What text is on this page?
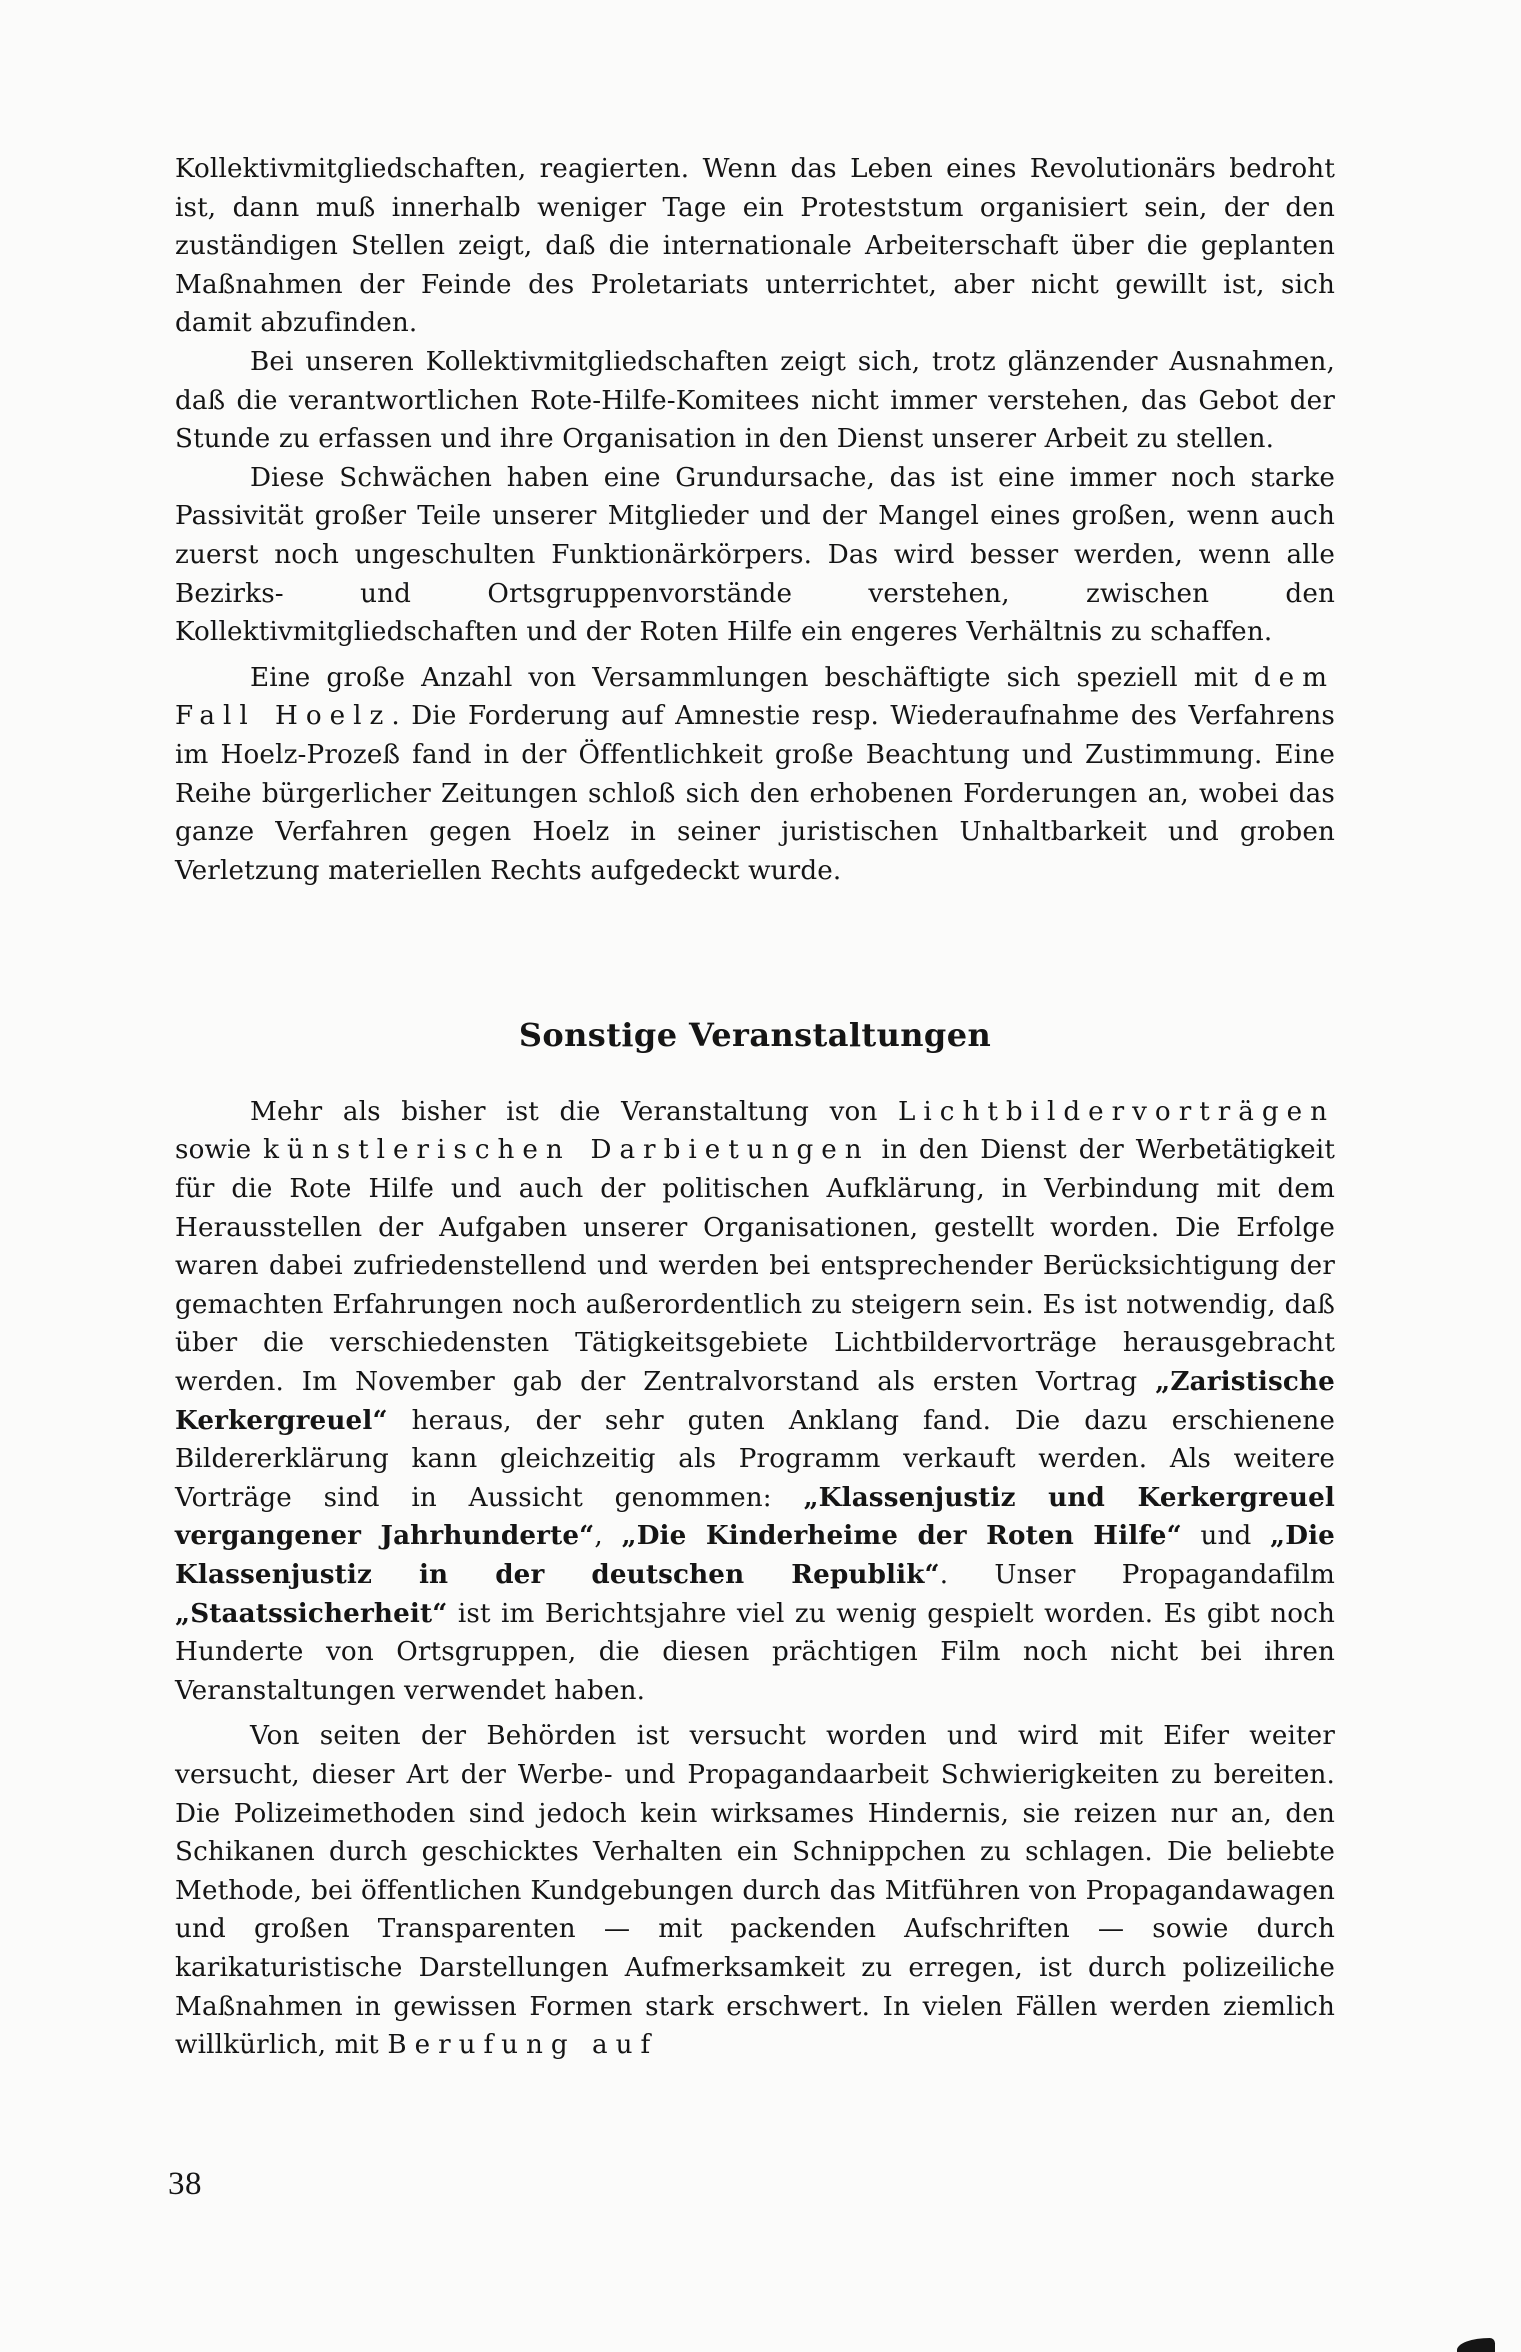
Kollektivmitgliedschaften, reagierten. Wenn das Leben eines Revolutionärs bedroht ist, dann muß innerhalb weniger Tage ein Proteststum organisiert sein, der den zuständigen Stellen zeigt, daß die internationale Arbeiterschaft über die geplanten Maßnahmen der Feinde des Proletariats unterrichtet, aber nicht gewillt ist, sich damit abzufinden.

Bei unseren Kollektivmitgliedschaften zeigt sich, trotz glänzender Ausnahmen, daß die verantwortlichen Rote-Hilfe-Komitees nicht immer verstehen, das Gebot der Stunde zu erfassen und ihre Organisation in den Dienst unserer Arbeit zu stellen.

Diese Schwächen haben eine Grundursache, das ist eine immer noch starke Passivität großer Teile unserer Mitglieder und der Mangel eines großen, wenn auch zuerst noch ungeschulten Funktionärkörpers. Das wird besser werden, wenn alle Bezirks- und Ortsgruppenvorstände verstehen, zwischen den Kollektivmitgliedschaften und der Roten Hilfe ein engeres Verhältnis zu schaffen.

Eine große Anzahl von Versammlungen beschäftigte sich speziell mit dem Fall Hoelz. Die Forderung auf Amnestie resp. Wiederaufnahme des Verfahrens im Hoelz-Prozeß fand in der Öffentlichkeit große Beachtung und Zustimmung. Eine Reihe bürgerlicher Zeitungen schloß sich den erhobenen Forderungen an, wobei das ganze Verfahren gegen Hoelz in seiner juristischen Unhaltbarkeit und groben Verletzung materiellen Rechts aufgedeckt wurde.

Sonstige Veranstaltungen

Mehr als bisher ist die Veranstaltung von Lichtbildervorträgen sowie künstlerischen Darbietungen in den Dienst der Werbetätigkeit für die Rote Hilfe und auch der politischen Aufklärung, in Verbindung mit dem Herausstellen der Aufgaben unserer Organisationen, gestellt worden. Die Erfolge waren dabei zufriedenstellend und werden bei entsprechender Berücksichtigung der gemachten Erfahrungen noch außerordentlich zu steigern sein. Es ist notwendig, daß über die verschiedensten Tätigkeitsgebiete Lichtbildervorträge herausgebracht werden. Im November gab der Zentralvorstand als ersten Vortrag „Zaristische Kerkergreuel“ heraus, der sehr guten Anklang fand. Die dazu erschienene Bildererklärung kann gleichzeitig als Programm verkauft werden. Als weitere Vorträge sind in Aussicht genommen: „Klassenjustiz und Kerkergreuel vergangener Jahrhunderte“, „Die Kinderheime der Roten Hilfe“ und „Die Klassenjustiz in der deutschen Republik“. Unser Propagandafilm „Staatssicherheit“ ist im Berichtsjahre viel zu wenig gespielt worden. Es gibt noch Hunderte von Ortsgruppen, die diesen prächtigen Film noch nicht bei ihren Veranstaltungen verwendet haben.

Von seiten der Behörden ist versucht worden und wird mit Eifer weiter versucht, dieser Art der Werbe- und Propagandaarbeit Schwierigkeiten zu bereiten. Die Polizeimethoden sind jedoch kein wirksames Hindernis, sie reizen nur an, den Schikanen durch geschicktes Verhalten ein Schnippchen zu schlagen. Die beliebte Methode, bei öffentlichen Kundgebungen durch das Mitführen von Propagandawagen und großen Transparenten — mit packenden Aufschriften — sowie durch karikaturistische Darstellungen Aufmerksamkeit zu erregen, ist durch polizeiliche Maßnahmen in gewissen Formen stark erschwert. In vielen Fällen werden ziemlich willkürlich, mit Berufung auf

38
